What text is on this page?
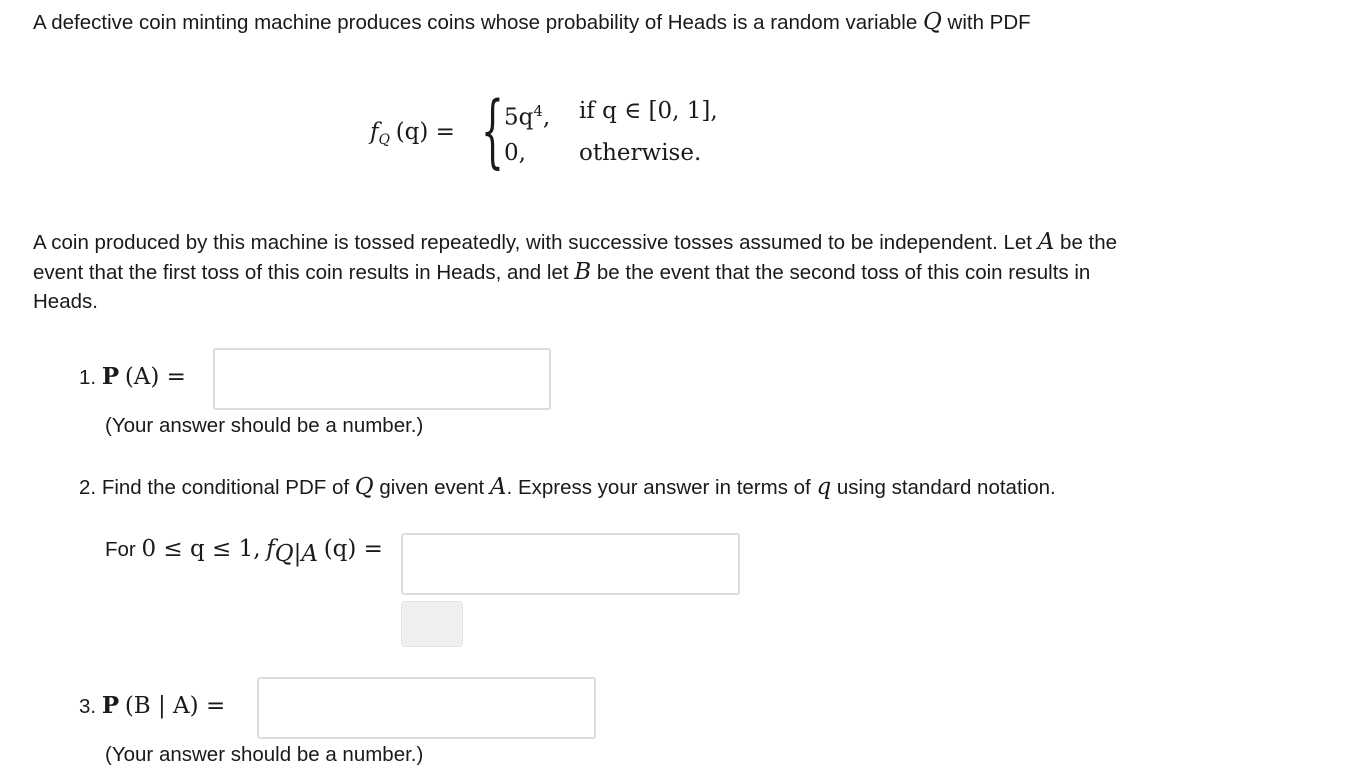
A defective coin minting machine produces coins whose probability of Heads is a random variable Q with PDF
$f_Q$ (q) = { $5q^4$, if q ∈ [0, 1],
0, otherwise.
A coin produced by this machine is tossed repeatedly, with successive tosses assumed to be independent. Let A be the
event that the first toss of this coin results in Heads, and let B be the event that the second toss of this coin results in
Heads.
1. P (A) =
(Your answer should be a number.)
2. Find the conditional PDF of Q given event A. Express your answer in terms of q using standard notation.
For 0 ≤ q ≤ 1, $f_{Q|A}$ (q) =
3. P (B | A) =
(Your answer should be a number.)
